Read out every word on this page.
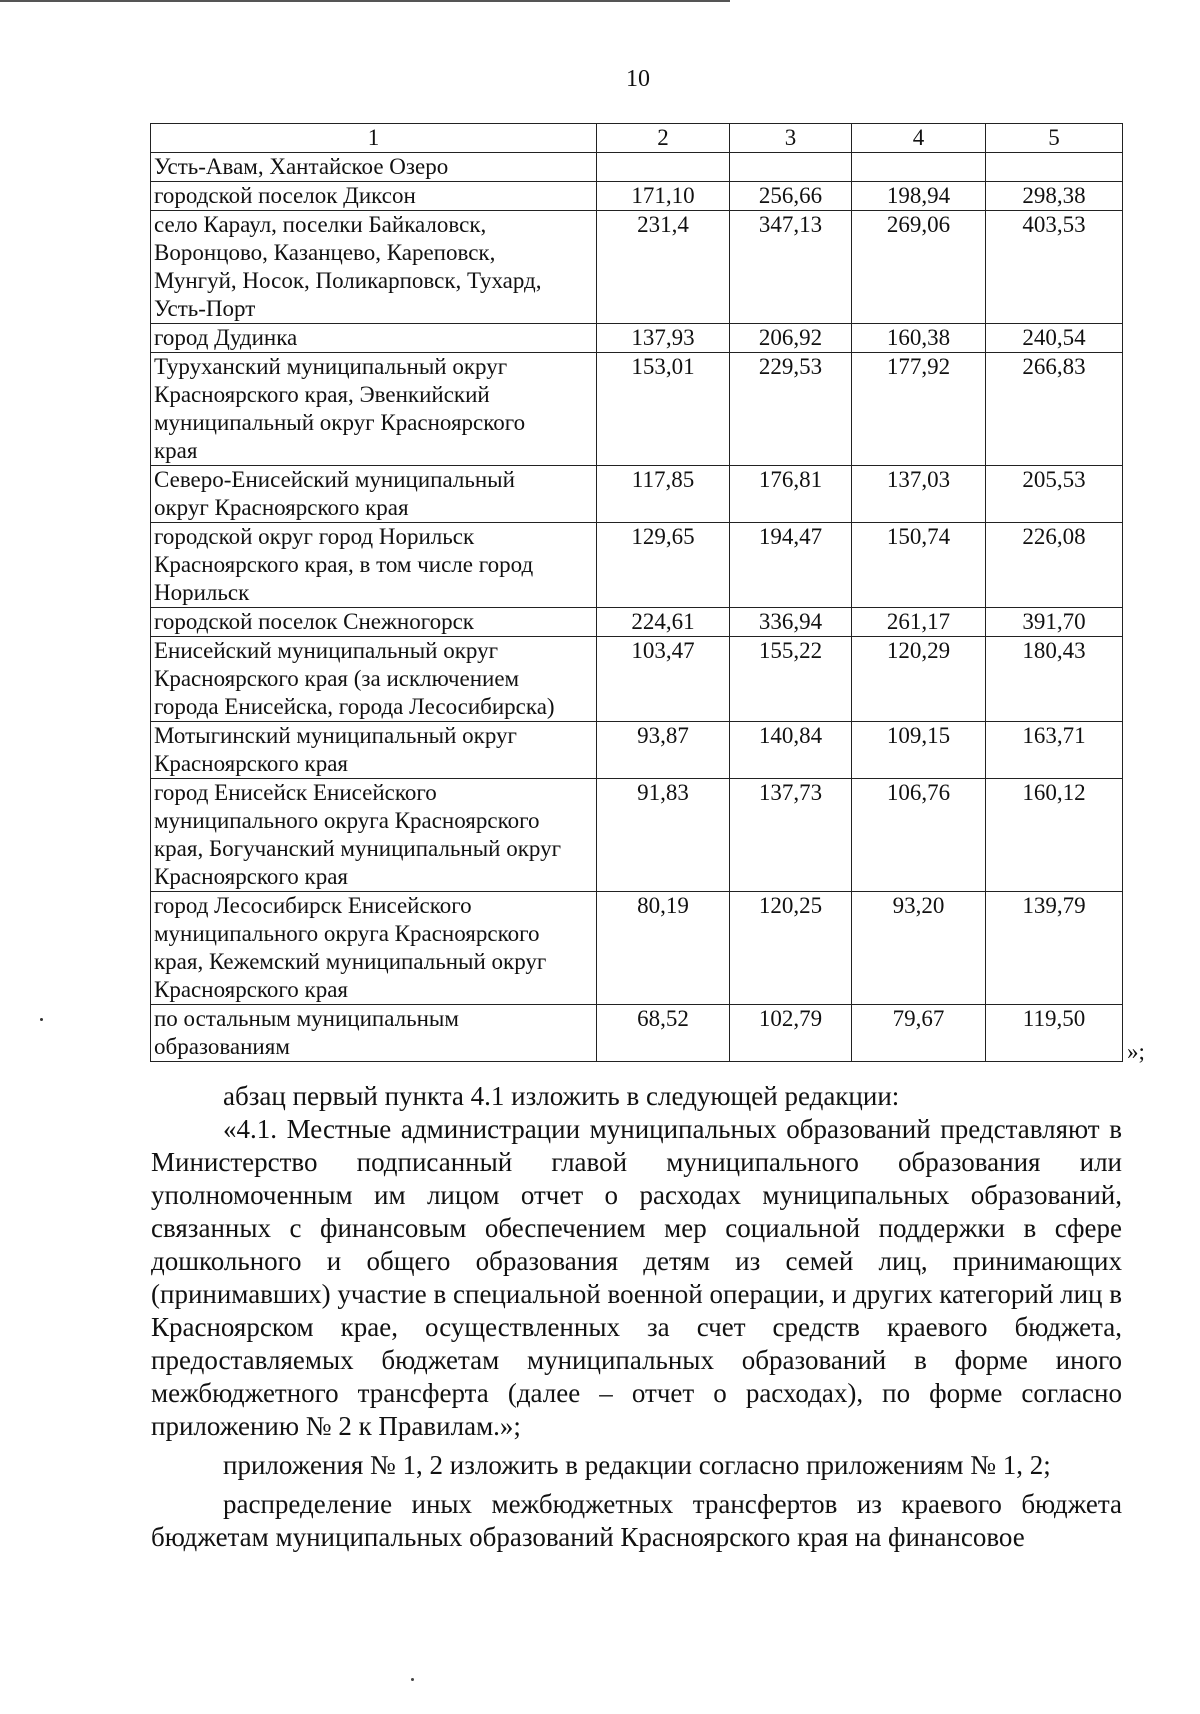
10
1	2	3	4	5
Усть-Авам, Хантайское Озеро				
городской поселок Диксон	171,10	256,66	198,94	298,38
село Караул, поселки Байкаловск,
Воронцово, Казанцево, Кареповск,
Мунгуй, Носок, Поликарповск, Тухард,
Усть-Порт	231,4	347,13	269,06	403,53
город Дудинка	137,93	206,92	160,38	240,54
Туруханский муниципальный округ
Красноярского края, Эвенкийский
муниципальный округ Красноярского
края	153,01	229,53	177,92	266,83
Северо-Енисейский муниципальный
округ Красноярского края	117,85	176,81	137,03	205,53
городской округ город Норильск
Красноярского края, в том числе город
Норильск	129,65	194,47	150,74	226,08
городской поселок Снежногорск	224,61	336,94	261,17	391,70
Енисейский муниципальный округ
Красноярского края (за исключением
города Енисейска, города Лесосибирска)	103,47	155,22	120,29	180,43
Мотыгинский муниципальный округ
Красноярского края	93,87	140,84	109,15	163,71
город Енисейск Енисейского
муниципального округа Красноярского
края, Богучанский муниципальный округ
Красноярского края	91,83	137,73	106,76	160,12
город Лесосибирск Енисейского
муниципального округа Красноярского
края, Кежемский муниципальный округ
Красноярского края	80,19	120,25	93,20	139,79
по остальным муниципальным
образованиям	68,52	102,79	79,67	119,50
»;

абзац первый пункта 4.1 изложить в следующей редакции:

«4.1. Местные администрации муниципальных образований представляют в Министерство подписанный главой муниципального образования или уполномоченным им лицом отчет о расходах муниципальных образований, связанных с финансовым обеспечением мер социальной поддержки в сфере дошкольного и общего образования детям из семей лиц, принимающих (принимавших) участие в специальной военной операции, и других категорий лиц в Красноярском крае, осуществленных за счет средств краевого бюджета, предоставляемых бюджетам муниципальных образований в форме иного межбюджетного трансферта (далее – отчет о расходах), по форме согласно приложению № 2 к Правилам.»;

приложения № 1, 2 изложить в редакции согласно приложениям № 1, 2;

распределение иных межбюджетных трансфертов из краевого бюджета бюджетам муниципальных образований Красноярского края на финансовое
